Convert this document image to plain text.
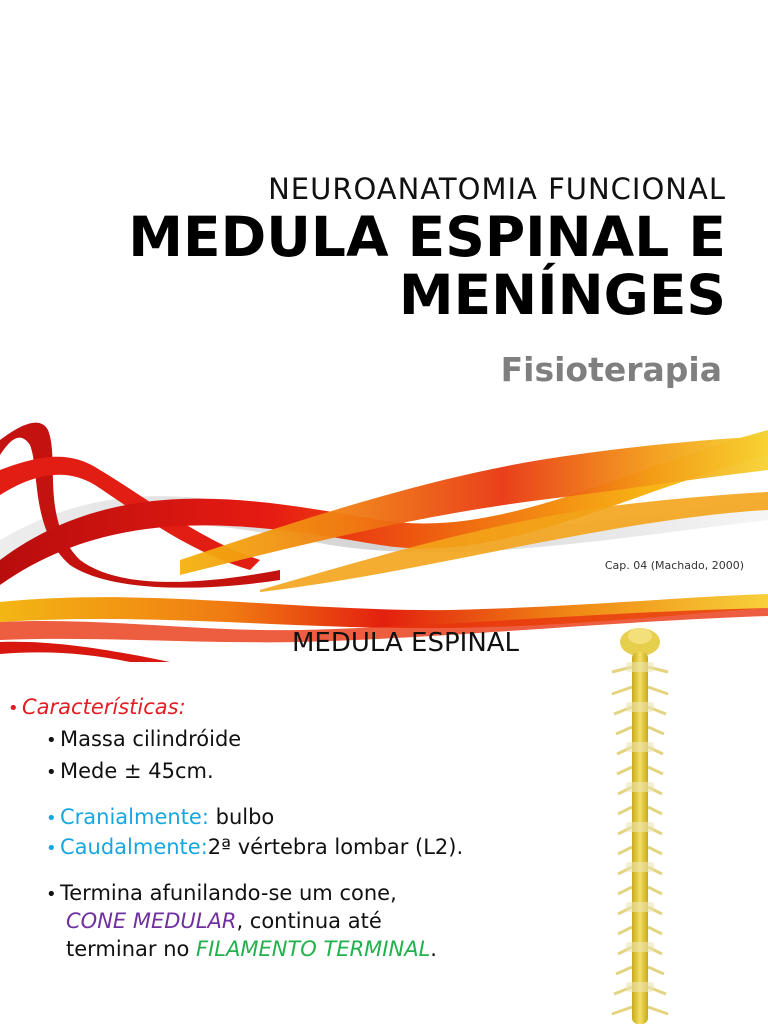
NEUROANATOMIA FUNCIONAL
MEDULA ESPINAL E
MENÍNGES
Fisioterapia
Cap. 04 (Machado, 2000)
MEDULA ESPINAL
• Características:
• Massa cilindróide
• Mede ± 45cm.
• Cranialmente: bulbo
• Caudalmente:2ª vértebra lombar (L2).
• Termina afunilando-se um cone,
CONE MEDULAR, continua até
terminar no FILAMENTO TERMINAL.
